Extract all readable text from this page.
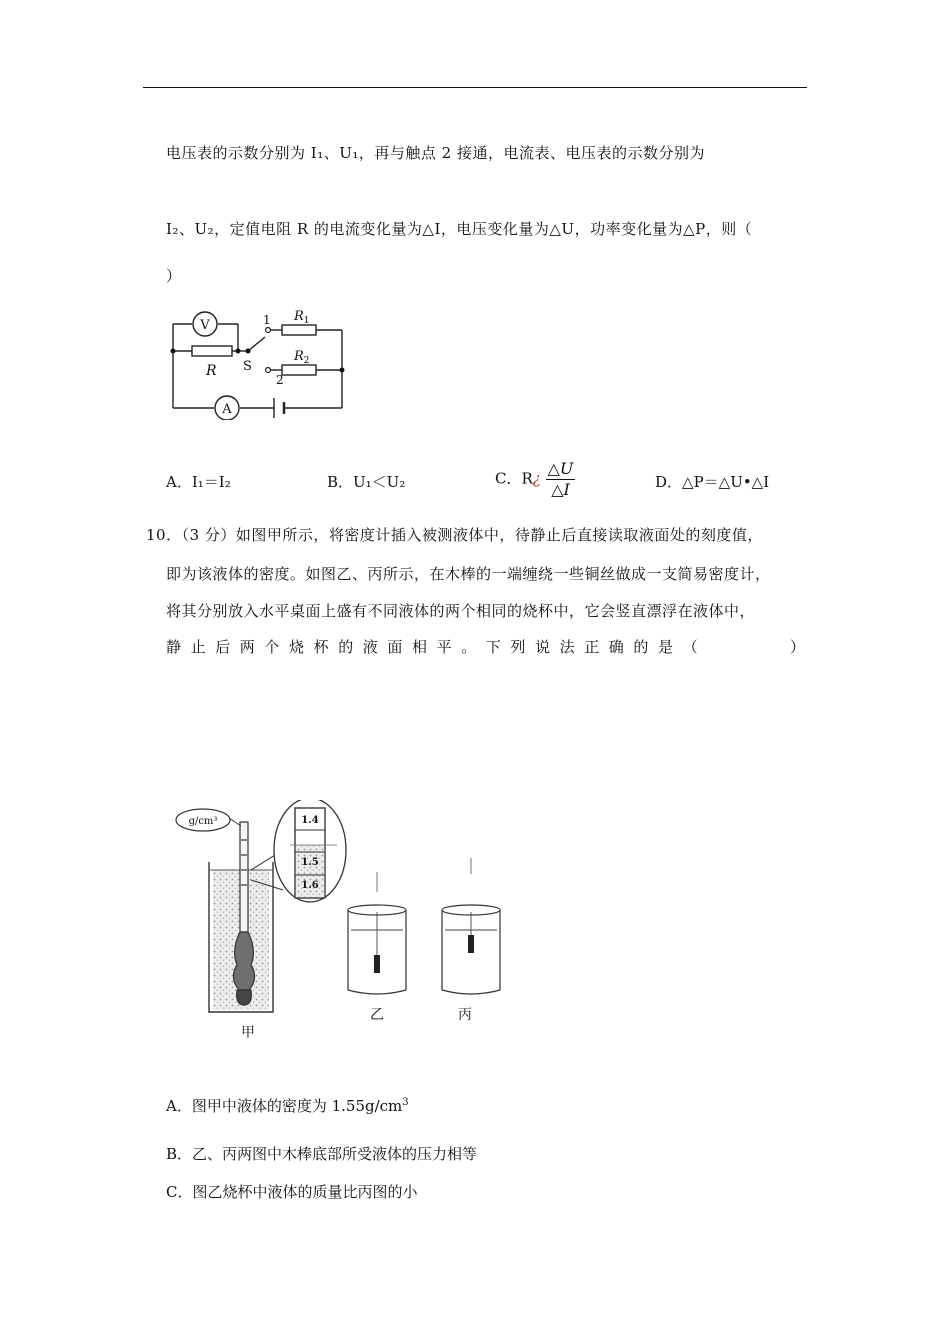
电压表的示数分别为 I₁、U₁，再与触点 2 接通，电流表、电压表的示数分别为
I₂、U₂，定值电阻 R 的电流变化量为△I，电压变化量为△U，功率变化量为△P，则（
）
V
A
R S
1
2
$R_1$
$R_2$
A．I₁＝I₂	B．U₁＜U₂	C．R¿ $\frac{\triangle U}{\triangle I}$	D．△P＝△U•△I
10．（3 分）如图甲所示，将密度计插入被测液体中，待静止后直接读取液面处的刻度值，
即为该液体的密度。如图乙、丙所示，在木棒的一端缠绕一些铜丝做成一支简易密度计，
将其分别放入水平桌面上盛有不同液体的两个相同的烧杯中，它会竖直漂浮在液体中，
静止后两个烧杯的液面相平。下列说法正确的是（	）
g/cm³	1.4
1.5
1.6
甲
乙	丙
A．图甲中液体的密度为 $1.55g/cm^3$
B．乙、丙两图中木棒底部所受液体的压力相等
C．图乙烧杯中液体的质量比丙图的小
